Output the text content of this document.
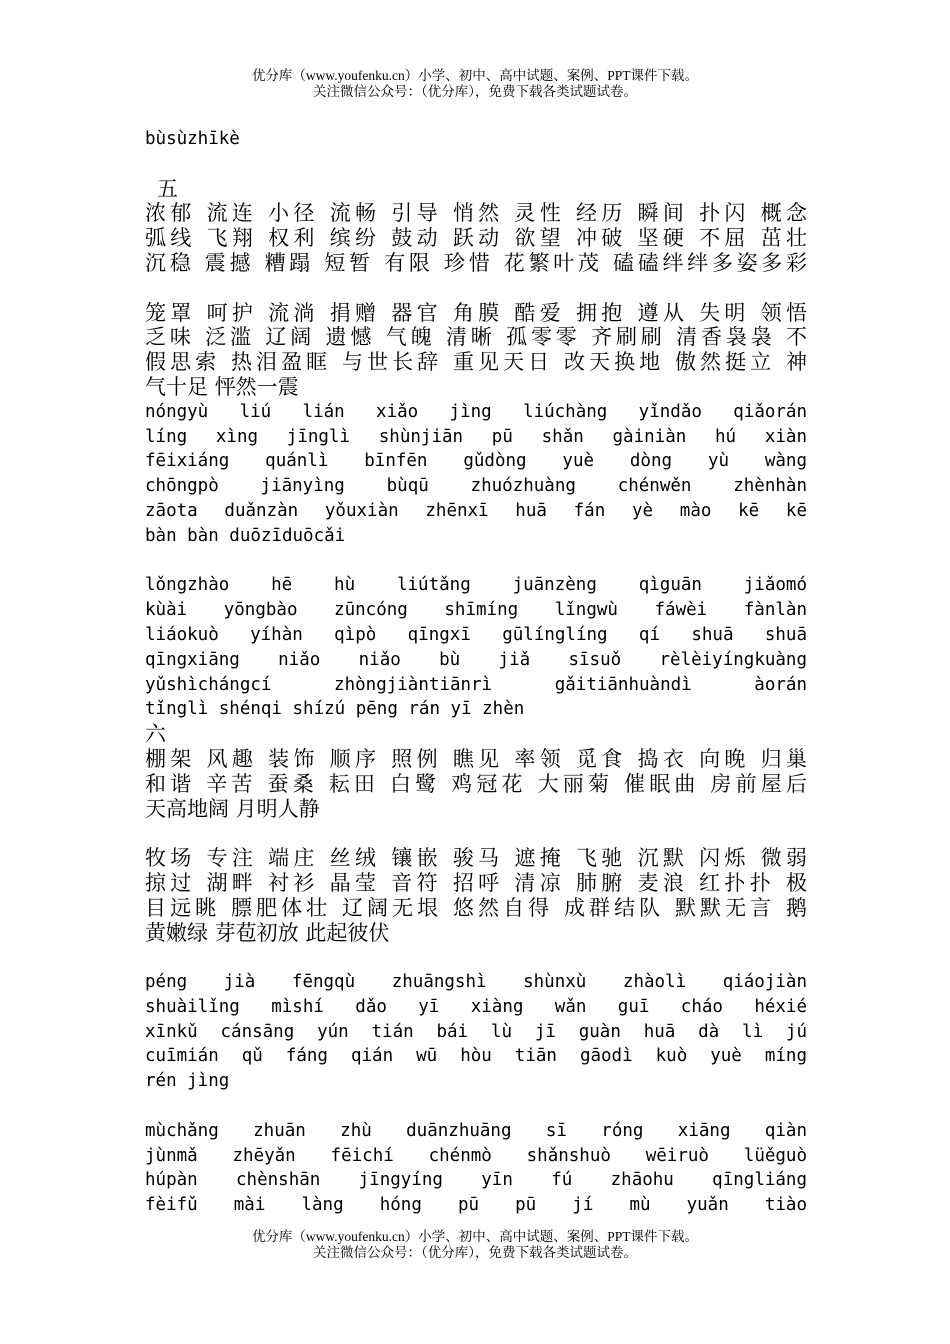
优分库（www.youfenku.cn）小学、初中、高中试题、案例、PPT课件下载。
关注微信公众号：（优分库），免费下载各类试题试卷。
bùsùzhīkè
五
浓郁 流连 小径 流畅 引导 悄然 灵性 经历 瞬间 扑闪 概念
弧线 飞翔 权利 缤纷 鼓动 跃动 欲望 冲破 坚硬 不屈 茁壮
沉稳 震撼 糟蹋 短暂 有限 珍惜 花繁叶茂 磕磕绊绊多姿多彩
笼罩 呵护 流淌 捐赠 器官 角膜 酷爱 拥抱 遵从 失明 领悟
乏味 泛滥 辽阔 遗憾 气魄 清晰 孤零零 齐刷刷 清香袅袅 不
假思索 热泪盈眶 与世长辞 重见天日 改天换地 傲然挺立 神
气十足 怦然一震
nóngyù liú lián xiǎo jìng liúchàng yǐndǎo qiǎorán
líng xìng jīnglì shùnjiān pū shǎn gàiniàn hú xiàn
fēixiáng quánlì bīnfēn gǔdòng yuè dòng yù wàng
chōngpò jiānyìng bùqū zhuózhuàng chénwěn zhènhàn
zāota duǎnzàn yǒuxiàn zhēnxī huā fán yè mào kē kē
bàn bàn duōzīduōcǎi
lǒngzhào hē hù liútǎng juānzèng qìguān jiǎomó
kùài yōngbào zūncóng shīmíng lǐngwù fáwèi fànlàn
liáokuò yíhàn qìpò qīngxī gūlínglíng qí shuā shuā
qīngxiāng niǎo niǎo bù jiǎ sīsuǒ rèlèiyíngkuàng
yǔshìchángcí zhòngjiàntiānrì gǎitiānhuàndì àorán
tǐnglì shénqi shízú pēng rán yī zhèn
六
棚架 风趣 装饰 顺序 照例 瞧见 率领 觅食 捣衣 向晚 归巢
和谐 辛苦 蚕桑 耘田 白鹭 鸡冠花 大丽菊 催眠曲 房前屋后
天高地阔 月明人静
牧场 专注 端庄 丝绒 镶嵌 骏马 遮掩 飞驰 沉默 闪烁 微弱
掠过 湖畔 衬衫 晶莹 音符 招呼 清凉 肺腑 麦浪 红扑扑 极
目远眺 膘肥体壮 辽阔无垠 悠然自得 成群结队 默默无言 鹅
黄嫩绿 芽苞初放 此起彼伏
péng jià fēngqù zhuāngshì shùnxù zhàolì qiáojiàn
shuàilǐng mìshí dǎo yī xiàng wǎn guī cháo héxié
xīnkǔ cánsāng yún tián bái lù jī guàn huā dà lì jú
cuīmián qǔ fáng qián wū hòu tiān gāodì kuò yuè míng
rén jìng
mùchǎng zhuān zhù duānzhuāng sī róng xiāng qiàn
jùnmǎ zhēyǎn fēichí chénmò shǎnshuò wēiruò lüěguò
húpàn chènshān jīngyíng yīn fú zhāohu qīngliáng
fèifǔ mài làng hóng pū pū jí mù yuǎn tiào
优分库（www.youfenku.cn）小学、初中、高中试题、案例、PPT课件下载。
关注微信公众号：（优分库），免费下载各类试题试卷。
